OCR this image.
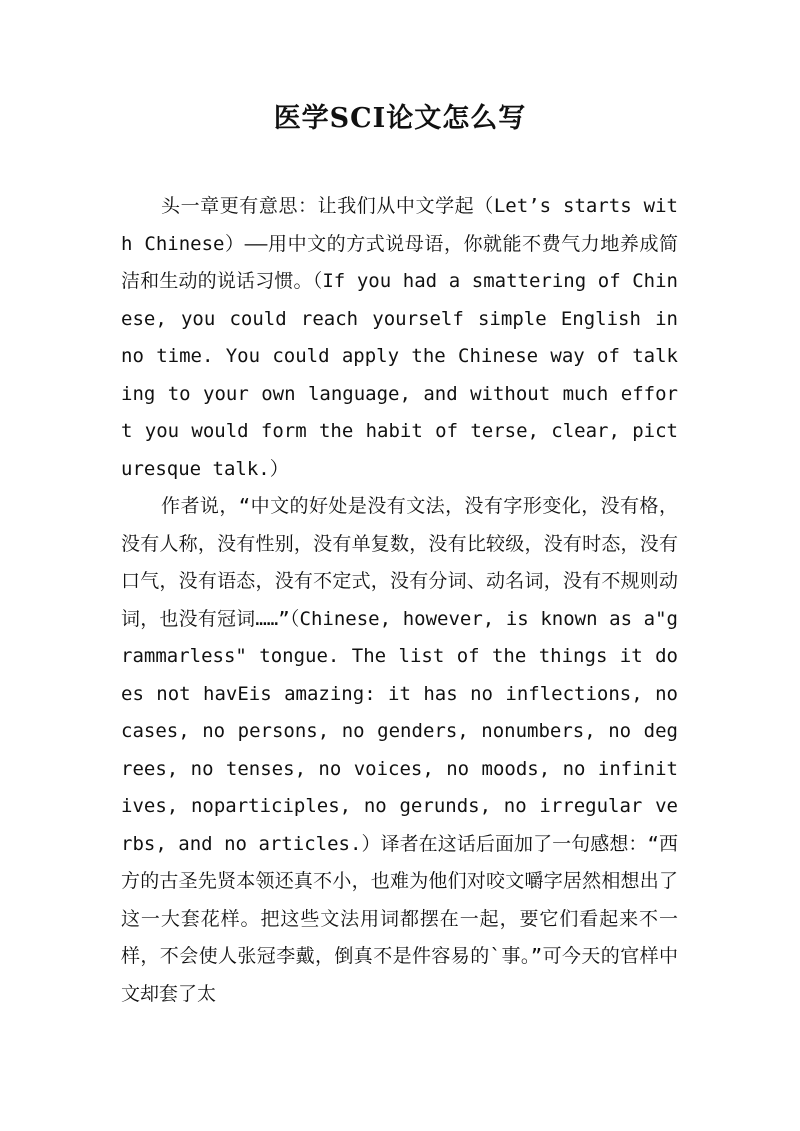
医学SCI论文怎么写

头一章更有意思：让我们从中文学起（Let’s starts with Chinese）——用中文的方式说母语，你就能不费气力地养成简洁和生动的说话习惯。（If you had a smattering of Chinese, you could reach yourself simple English in no time. You could apply the Chinese way of talking to your own language, and without much effort you would form the habit of terse, clear, picturesque talk.）

作者说，“中文的好处是没有文法，没有字形变化，没有格，没有人称，没有性别，没有单复数，没有比较级，没有时态，没有口气，没有语态，没有不定式，没有分词、动名词，没有不规则动词，也没有冠词……”（Chinese, however, is known as a"grammarless" tongue. The list of the things it does not havEis amazing: it has no inflections, no cases, no persons, no genders, nonumbers, no degrees, no tenses, no voices, no moods, no infinitives, noparticiples, no gerunds, no irregular verbs, and no articles.）译者在这话后面加了一句感想：“西方的古圣先贤本领还真不小，也难为他们对咬文嚼字居然相想出了这一大套花样。把这些文法用词都摆在一起，要它们看起来不一样，不会使人张冠李戴，倒真不是件容易的`事。”可今天的官样中文却套了太
